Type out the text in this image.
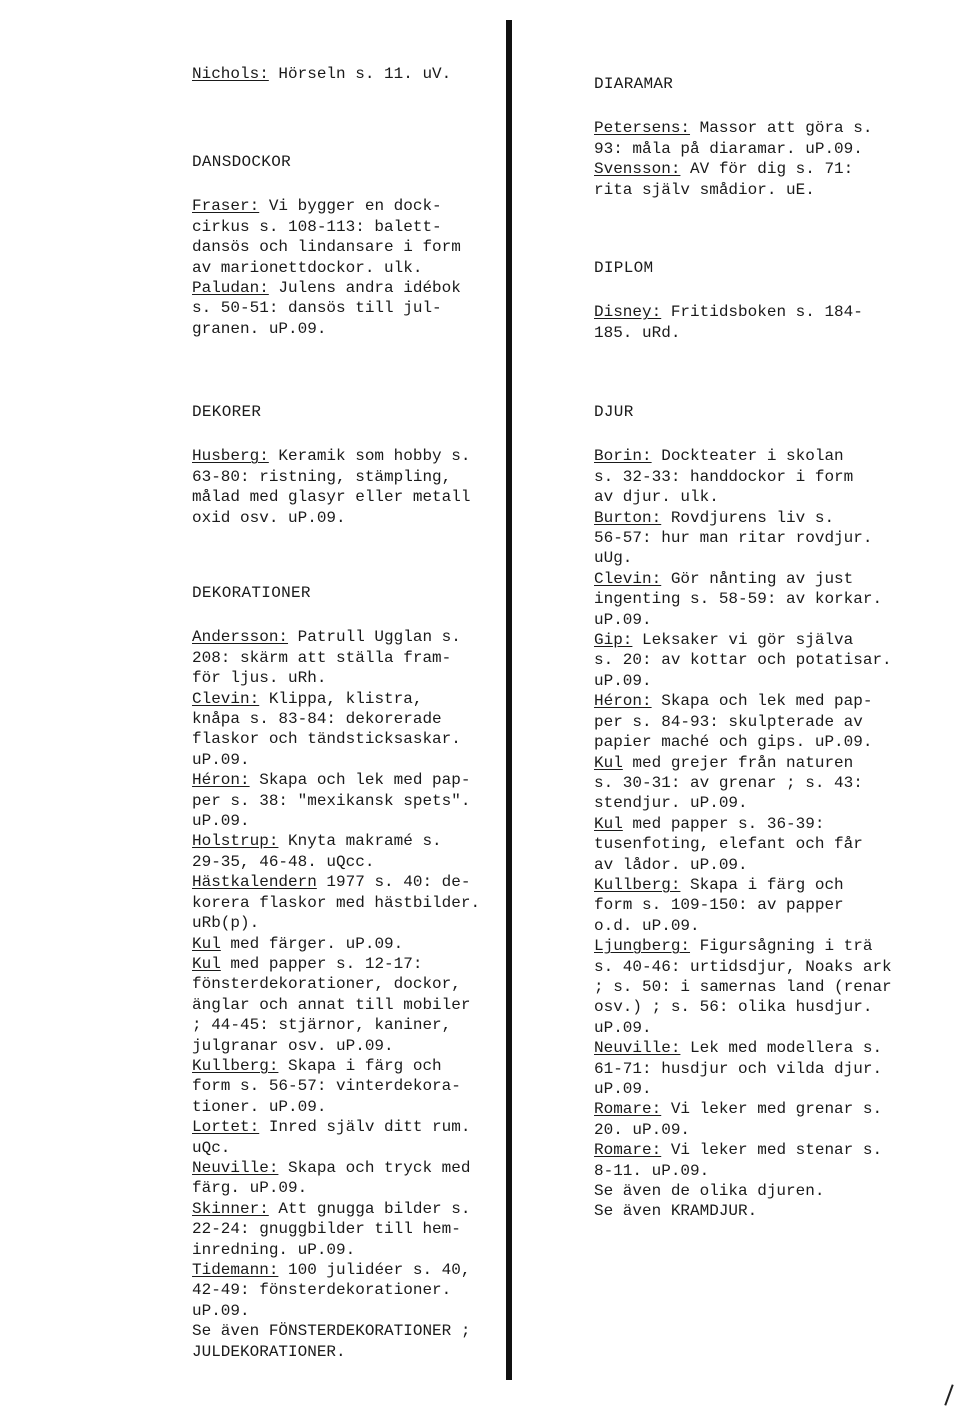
Nichols: Hörseln s. 11. uV.

DANSDOCKOR

Fraser: Vi bygger en dock-
cirkus s. 108-113: balett-
dansös och lindansare i form
av marionettdockor. ulk.

Paludan: Julens andra idébok
s. 50-51: dansös till jul-
granen. uP.09.

DEKORER

Husberg: Keramik som hobby s.
63-80: ristning, stämpling,
målad med glasyr eller metall
oxid osv. uP.09.

DEKORATIONER

Andersson: Patrull Ugglan s.
208: skärm att ställa fram-
för ljus. uRh.

Clevin: Klippa, klistra,
knåpa s. 83-84: dekorerade
flaskor och tändsticksaskar.
uP.09.

Héron: Skapa och lek med pap-
per s. 38: "mexikansk spets".
uP.09.

Holstrup: Knyta makramé s.
29-35, 46-48. uQcc.

Hästkalendern 1977 s. 40: de-
korera flaskor med hästbilder.
uRb(p).

Kul med färger. uP.09.

Kul med papper s. 12-17:
fönsterdekorationer, dockor,
änglar och annat till mobiler
; 44-45: stjärnor, kaniner,
julgranar osv. uP.09.

Kullberg: Skapa i färg och
form s. 56-57: vinterdekora-
tioner. uP.09.

Lortet: Inred själv ditt rum.
uQc.

Neuville: Skapa och tryck med
färg. uP.09.

Skinner: Att gnugga bilder s.
22-24: gnuggbilder till hem-
inredning. uP.09.

Tidemann: 100 julidéer s. 40,
42-49: fönsterdekorationer.
uP.09.

Se även FÖNSTERDEKORATIONER ;
JULDEKORATIONER.

DIARAMAR

Petersens: Massor att göra s.
93: måla på diaramar. uP.09.

Svensson: AV för dig s. 71:
rita själv smådior. uE.

DIPLOM

Disney: Fritidsboken s. 184-
185. uRd.

DJUR

Borin: Dockteater i skolan
s. 32-33: handdockor i form
av djur. ulk.

Burton: Rovdjurens liv s.
56-57: hur man ritar rovdjur.
uUg.

Clevin: Gör nånting av just
ingenting s. 58-59: av korkar.
uP.09.

Gip: Leksaker vi gör själva
s. 20: av kottar och potatisar.
uP.09.

Héron: Skapa och lek med pap-
per s. 84-93: skulpterade av
papier maché och gips. uP.09.

Kul med grejer från naturen
s. 30-31: av grenar ; s. 43:
stendjur. uP.09.

Kul med papper s. 36-39:
tusenfoting, elefant och får
av lådor. uP.09.

Kullberg: Skapa i färg och
form s. 109-150: av papper
o.d. uP.09.

Ljungberg: Figursågning i trä
s. 40-46: urtidsdjur, Noaks ark
; s. 50: i samernas land (renar
osv.) ; s. 56: olika husdjur.
uP.09.

Neuville: Lek med modellera s.
61-71: husdjur och vilda djur.
uP.09.

Romare: Vi leker med grenar s.
20. uP.09.

Romare: Vi leker med stenar s.
8-11. uP.09.

Se även de olika djuren.

Se även KRAMDJUR.
